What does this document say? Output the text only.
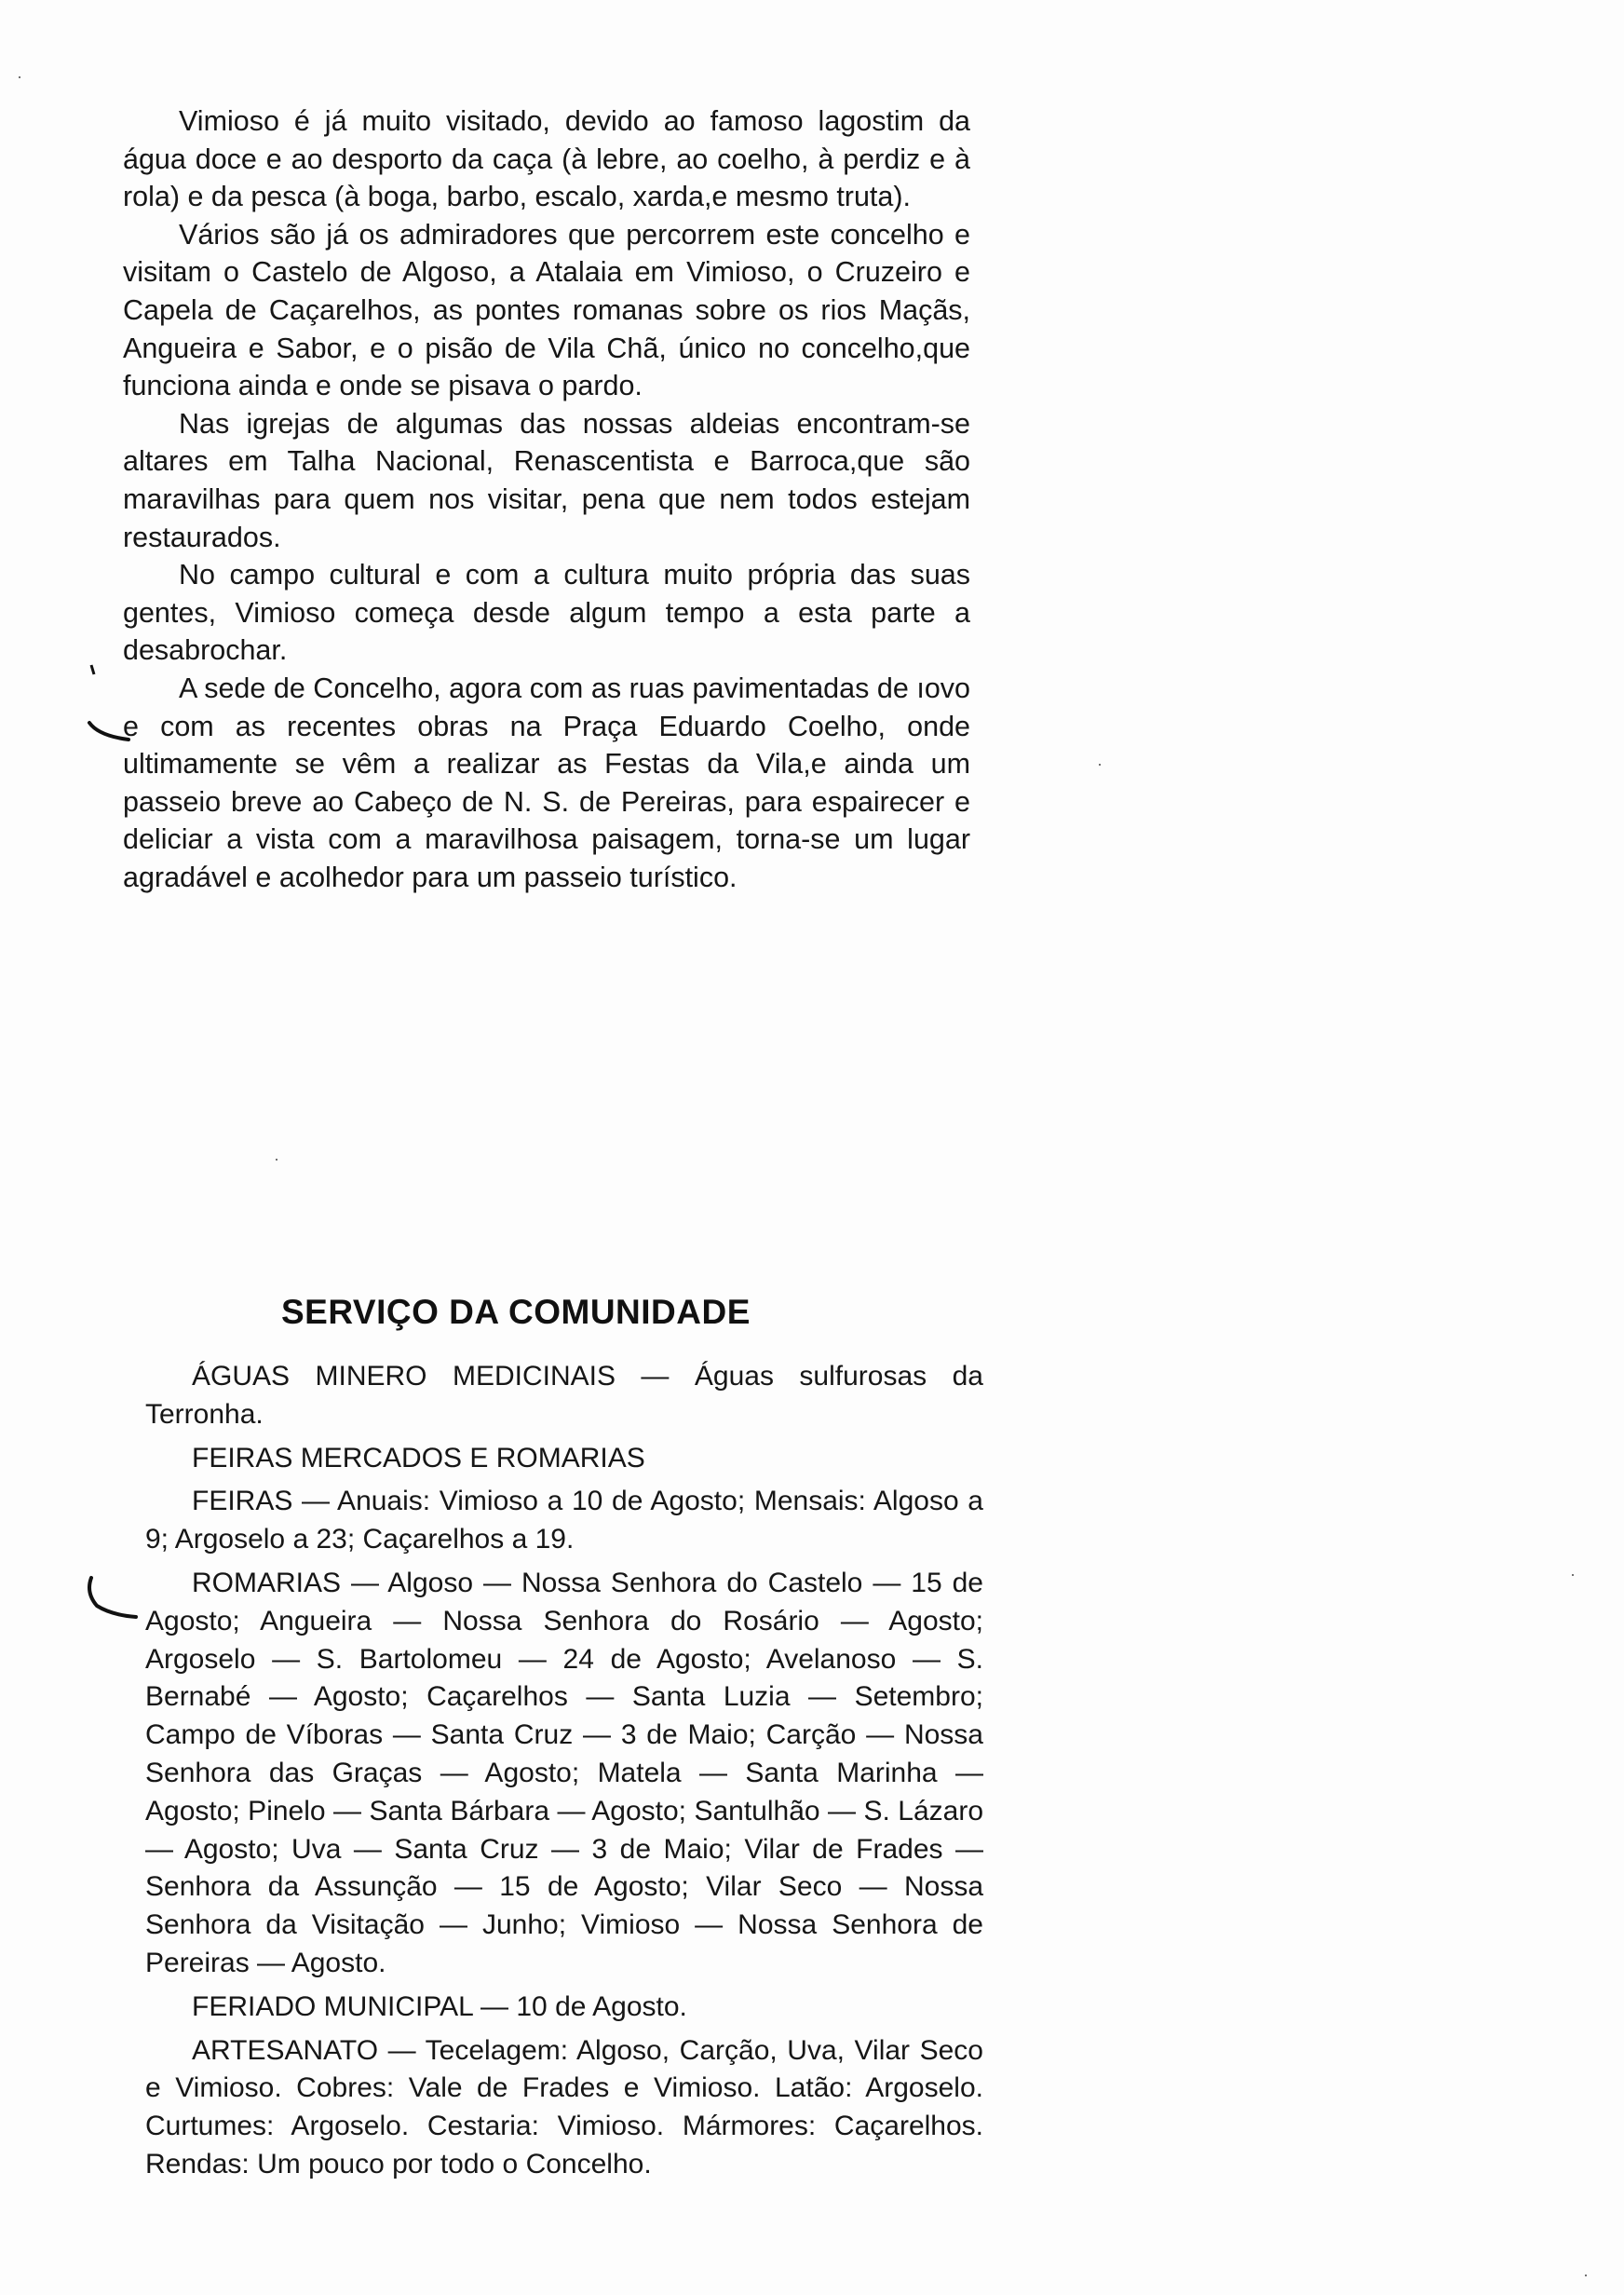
Vimioso é já muito visitado, devido ao famoso lagostim da água doce e ao desporto da caça (à lebre, ao coelho, à perdiz e à rola) e da pesca (à boga, barbo, escalo, xarda,e mesmo truta).

Vários são já os admiradores que percorrem este concelho e visitam o Castelo de Algoso, a Atalaia em Vimioso, o Cruzeiro e Capela de Caçarelhos, as pontes romanas sobre os rios Maçãs, Angueira e Sabor, e o pisão de Vila Chã, único no concelho,que funciona ainda e onde se pisava o pardo.

Nas igrejas de algumas das nossas aldeias encontram-se altares em Talha Nacional, Renascentista e Barroca,que são maravilhas para quem nos visitar, pena que nem todos estejam restaurados.

No campo cultural e com a cultura muito própria das suas gentes, Vimioso começa desde algum tempo a esta parte a desabrochar.

A sede de Concelho, agora com as ruas pavimentadas de ıovo e com as recentes obras na Praça Eduardo Coelho, onde ultimamente se vêm a realizar as Festas da Vila,e ainda um passeio breve ao Cabeço de N. S. de Pereiras, para espairecer e deliciar a vista com a maravilhosa paisagem, torna-se um lugar agradável e acolhedor para um passeio turístico.

SERVIÇO DA COMUNIDADE

ÁGUAS MINERO MEDICINAIS — Águas sulfurosas da Terronha.

FEIRAS MERCADOS E ROMARIAS

FEIRAS — Anuais: Vimioso a 10 de Agosto; Mensais: Algoso a 9; Argoselo a 23; Caçarelhos a 19.

ROMARIAS — Algoso — Nossa Senhora do Castelo — 15 de Agosto; Angueira — Nossa Senhora do Rosário — Agosto; Argoselo — S. Bartolomeu — 24 de Agosto; Avelanoso — S. Bernabé — Agosto; Caçarelhos — Santa Luzia — Setembro; Campo de Víboras — Santa Cruz — 3 de Maio; Carção — Nossa Senhora das Graças — Agosto; Matela — Santa Marinha — Agosto; Pinelo — Santa Bárbara — Agosto; Santulhão — S. Lázaro — Agosto; Uva — Santa Cruz — 3 de Maio; Vilar de Frades — Senhora da Assunção — 15 de Agosto; Vilar Seco — Nossa Senhora da Visitação — Junho; Vimioso — Nossa Senhora de Pereiras — Agosto.

FERIADO MUNICIPAL — 10 de Agosto.

ARTESANATO — Tecelagem: Algoso, Carção, Uva, Vilar Seco e Vimioso. Cobres: Vale de Frades e Vimioso. Latão: Argoselo. Curtumes: Argoselo. Cestaria: Vimioso. Mármores: Caçarelhos. Rendas: Um pouco por todo o Concelho.
